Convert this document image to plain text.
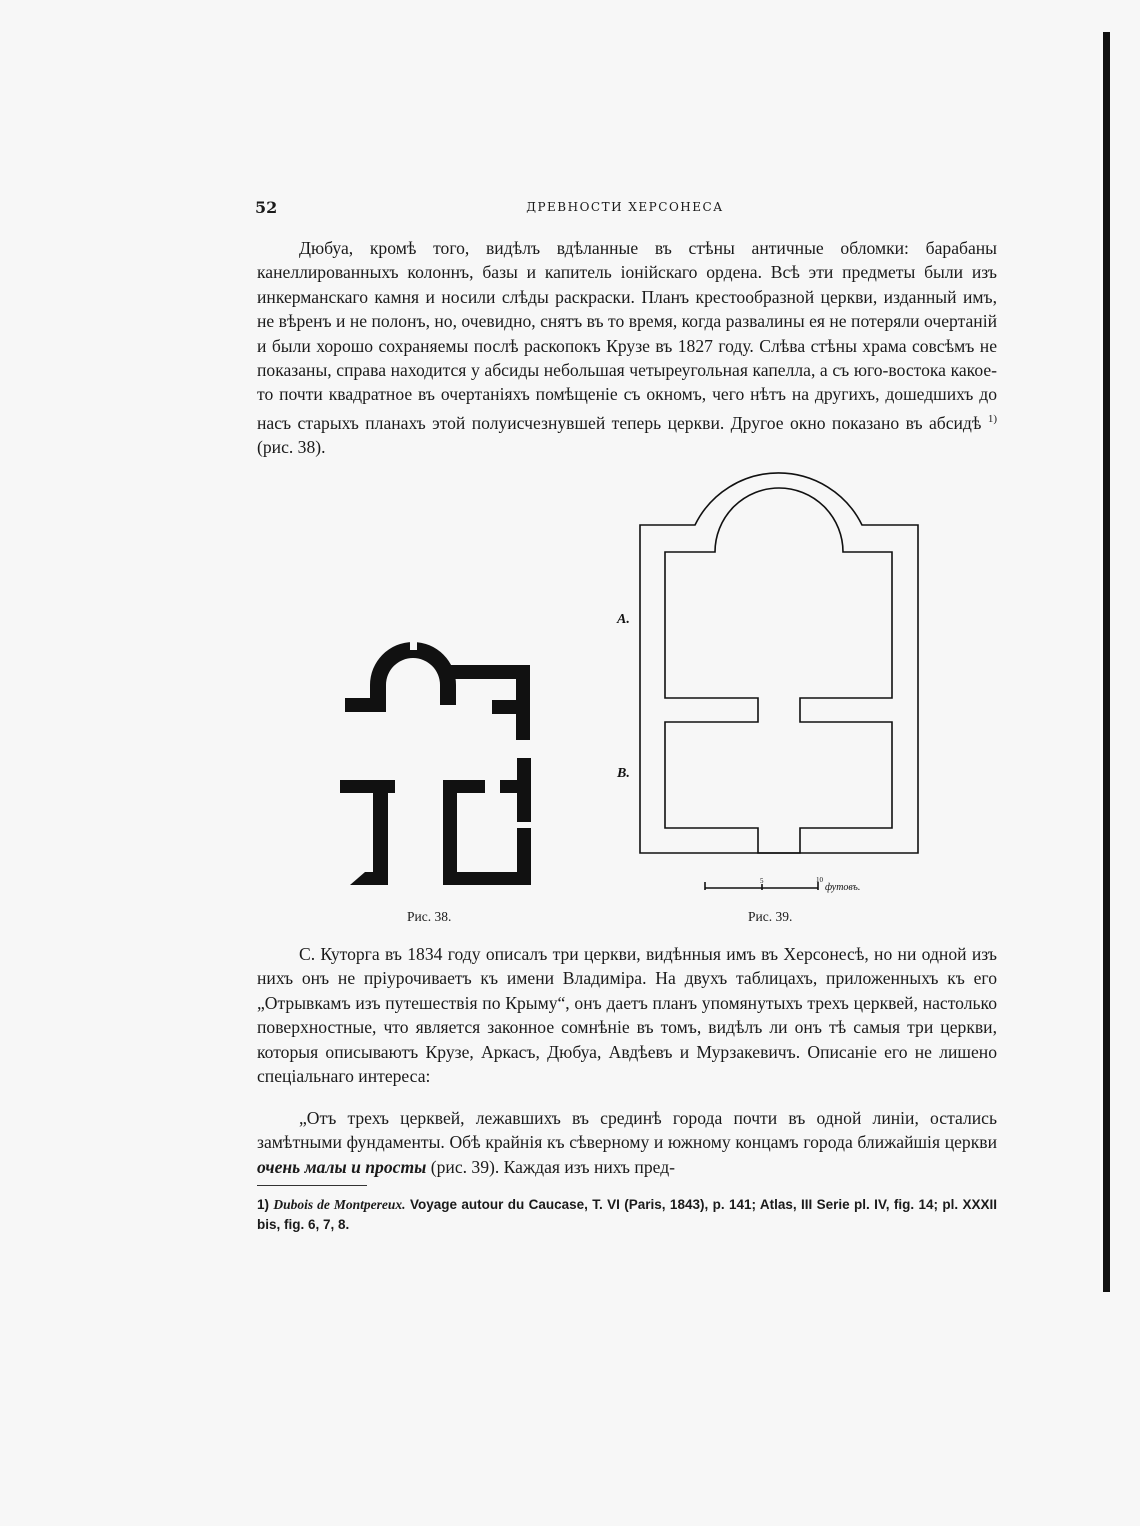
52	ДРЕВНОСТИ ХЕРСОНЕСА

Дюбуа, кромѣ того, видѣлъ вдѣланные въ стѣны античные обломки: барабаны канеллированныхъ колоннъ, базы и капитель іонійскаго ордена. Всѣ эти предметы были изъ инкерманскаго камня и носили слѣды раскраски. Планъ крестообразной церкви, изданный имъ, не вѣренъ и не полонъ, но, очевидно, снятъ въ то время, когда развалины ея не потеряли очертаній и были хорошо сохраняемы послѣ раскопокъ Крузе въ 1827 году. Слѣва стѣны храма совсѣмъ не показаны, справа находится у абсиды небольшая четыреугольная капелла, а съ юго-востока какое-то почти квадратное въ очертаніяхъ помѣщеніе съ окномъ, чего нѣтъ на другихъ, дошедшихъ до насъ старыхъ планахъ этой полуисчезнувшей теперь церкви. Другое окно показано въ абсидѣ $^{1)}$ (рис. 38).

А.
В.
5	10
футовъ.
Рис. 38.	Рис. 39.

С. Куторга въ 1834 году описалъ три церкви, видѣнныя имъ въ Херсонесѣ, но ни одной изъ нихъ онъ не пріурочиваетъ къ имени Владиміра. На двухъ таблицахъ, приложенныхъ къ его „Отрывкамъ изъ путешествія по Крыму“, онъ даетъ планъ упомянутыхъ трехъ церквей, настолько поверхностные, что является законное сомнѣніе въ томъ, видѣлъ ли онъ тѣ самыя три церкви, которыя описываютъ Крузе, Аркасъ, Дюбуа, Авдѣевъ и Мурзакевичъ. Описаніе его не лишено спеціальнаго интереса:

„Отъ трехъ церквей, лежавшихъ въ срединѣ города почти въ одной линіи, остались замѣтными фундаменты. Обѣ крайнія къ сѣверному и южному концамъ города ближайшія церкви очень малы и просты (рис. 39). Каждая изъ нихъ пред-

1) Dubois de Montpereux. Voyage autour du Caucase, T. VI (Paris, 1843), p. 141; Atlas, III Serie pl. IV, fig. 14; pl. XXXII bis, fig. 6, 7, 8.
